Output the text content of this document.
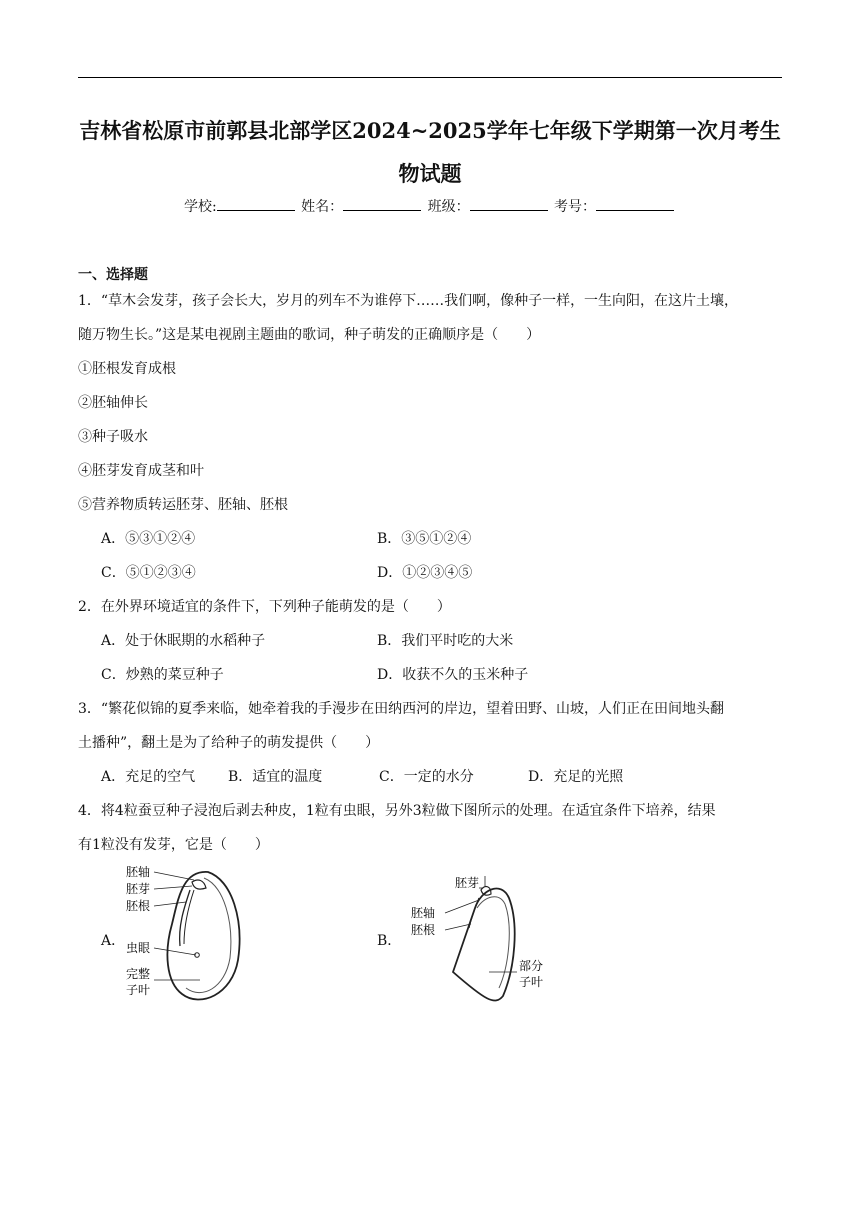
吉林省松原市前郭县北部学区2024~2025学年七年级下学期第一次月考生
物试题
学校:	姓名：	班级：	考号：
一、选择题
1．“草木会发芽，孩子会长大，岁月的列车不为谁停下……我们啊，像种子一样，一生向阳，在这片土壤，
随万物生长。”这是某电视剧主题曲的歌词，种子萌发的正确顺序是（　　）
①胚根发育成根
②胚轴伸长
③种子吸水
④胚芽发育成茎和叶
⑤营养物质转运胚芽、胚轴、胚根
A．⑤③①②④	B．③⑤①②④
C．⑤①②③④	D．①②③④⑤
2．在外界环境适宜的条件下，下列种子能萌发的是（　　）
A．处于休眠期的水稻种子	B．我们平时吃的大米
C．炒熟的菜豆种子	D．收获不久的玉米种子
3．“繁花似锦的夏季来临，她牵着我的手漫步在田纳西河的岸边，望着田野、山坡，人们正在田间地头翻
土播种”，翻土是为了给种子的萌发提供（　　）
A．充足的空气 B．适宜的温度	C．一定的水分	D．充足的光照
4．将4粒蚕豆种子浸泡后剥去种皮，1粒有虫眼，另外3粒做下图所示的处理。在适宜条件下培养，结果
有1粒没有发芽，它是（　　）
A．	B．
胚轴
胚芽
胚根
虫眼
完整
子叶
胚芽
胚轴
胚根
部分
子叶
